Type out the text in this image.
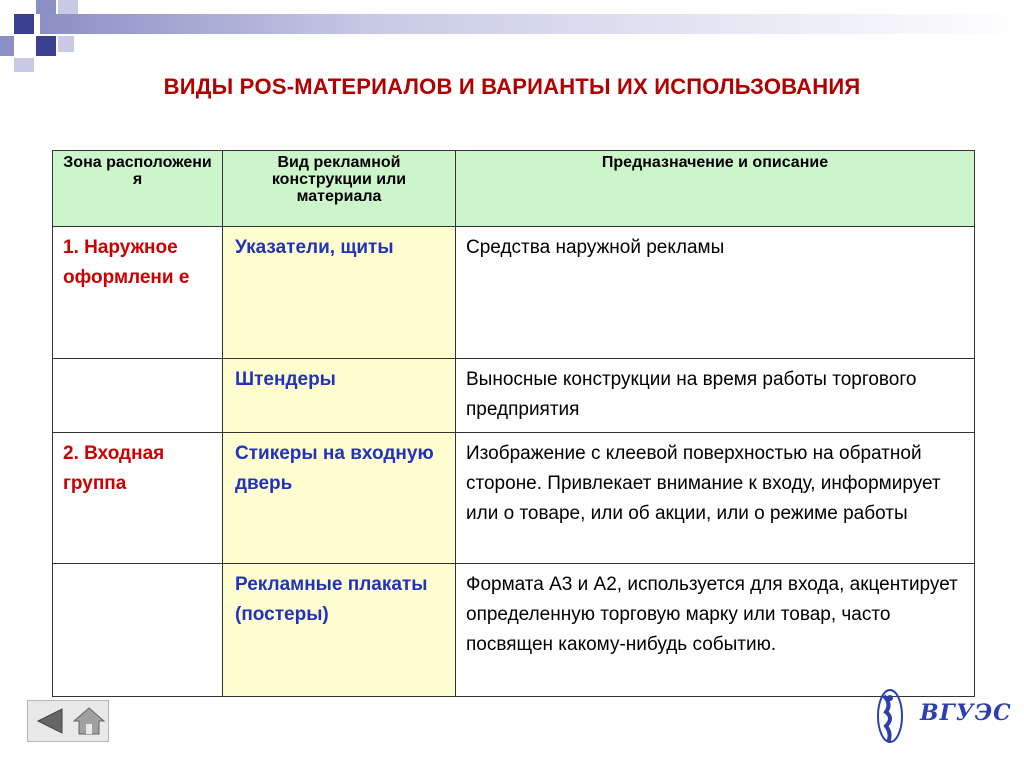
ВИДЫ POS-МАТЕРИАЛОВ И ВАРИАНТЫ ИХ ИСПОЛЬЗОВАНИЯ
Зона расположени я	Вид рекламной конструкции или материала	Предназначение и описание
1. Наружное оформлени е	Указатели, щиты	Средства наружной рекламы
	Штендеры	Выносные конструкции на время работы торгового предприятия
2. Входная группа	Стикеры на входную дверь	Изображение с клеевой поверхностью на обратной стороне. Привлекает внимание к входу, информирует или о товаре, или об акции, или о режиме работы
	Рекламные плакаты (постеры)	Формата А3 и А2, используется для входа, акцентирует определенную торговую марку или товар, часто посвящен какому-нибудь событию.
ВГУЭС
